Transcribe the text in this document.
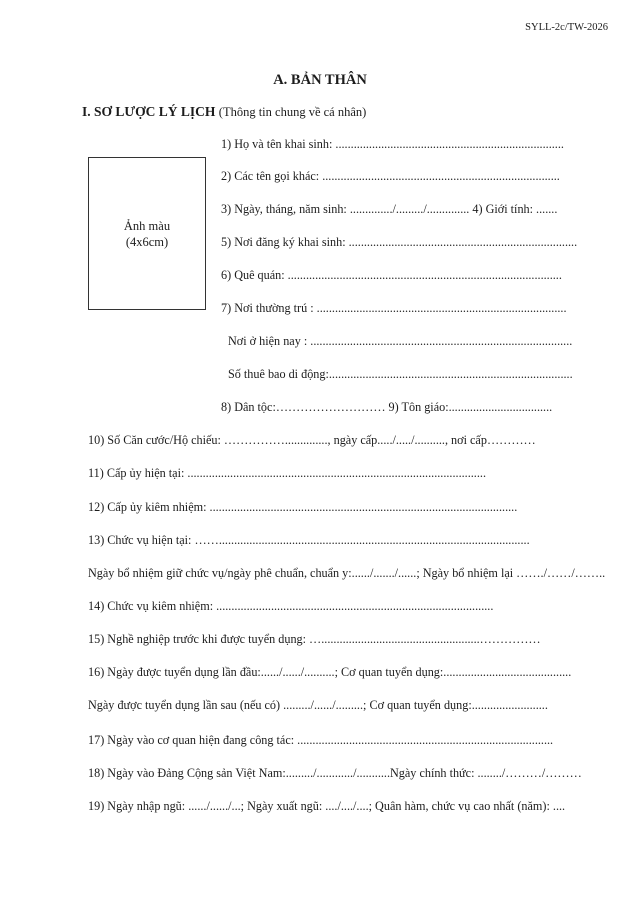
SYLL-2c/TW-2026
A. BẢN THÂN
I. SƠ LƯỢC LÝ LỊCH (Thông tin chung về cá nhân)
Ảnh màu
(4x6cm)
1) Họ và tên khai sinh: ...........................................................................
2) Các tên gọi khác: ..............................................................................
3) Ngày, tháng, năm sinh: ............../........./.............. 4) Giới tính: .......
5) Nơi đăng ký khai sinh: ...........................................................................
6) Quê quán: ..........................................................................................
7) Nơi thường trú : ..................................................................................
Nơi ở hiện nay : ......................................................................................
Số thuê bao di động:................................................................................
8) Dân tộc:……………………… 9) Tôn giáo:..................................
10) Số Căn cước/Hộ chiếu: …………….............., ngày cấp...../...../.........., nơi cấp…………
11) Cấp ủy hiện tại: ..................................................................................................
12) Cấp ủy kiêm nhiệm: .....................................................................................................
13) Chức vụ hiện tại: ……......................................................................................................
Ngày bổ nhiệm giữ chức vụ/ngày phê chuẩn, chuẩn y:....../......./......; Ngày bổ nhiệm lại ……./……/……..
14) Chức vụ kiêm nhiệm: ...........................................................................................
15) Nghề nghiệp trước khi được tuyển dụng: …....................................................……………
16) Ngày được tuyển dụng lần đầu:....../....../..........; Cơ quan tuyển dụng:..........................................
Ngày được tuyển dụng lần sau (nếu có) ........./....../.........; Cơ quan tuyển dụng:.........................
17) Ngày vào cơ quan hiện đang công tác: ....................................................................................
18) Ngày vào Đảng Cộng sản Việt Nam:........./............/...........Ngày chính thức: ......../………/………
19) Ngày nhập ngũ: ....../....../...; Ngày xuất ngũ: ..../..../....; Quân hàm, chức vụ cao nhất (năm): ....
